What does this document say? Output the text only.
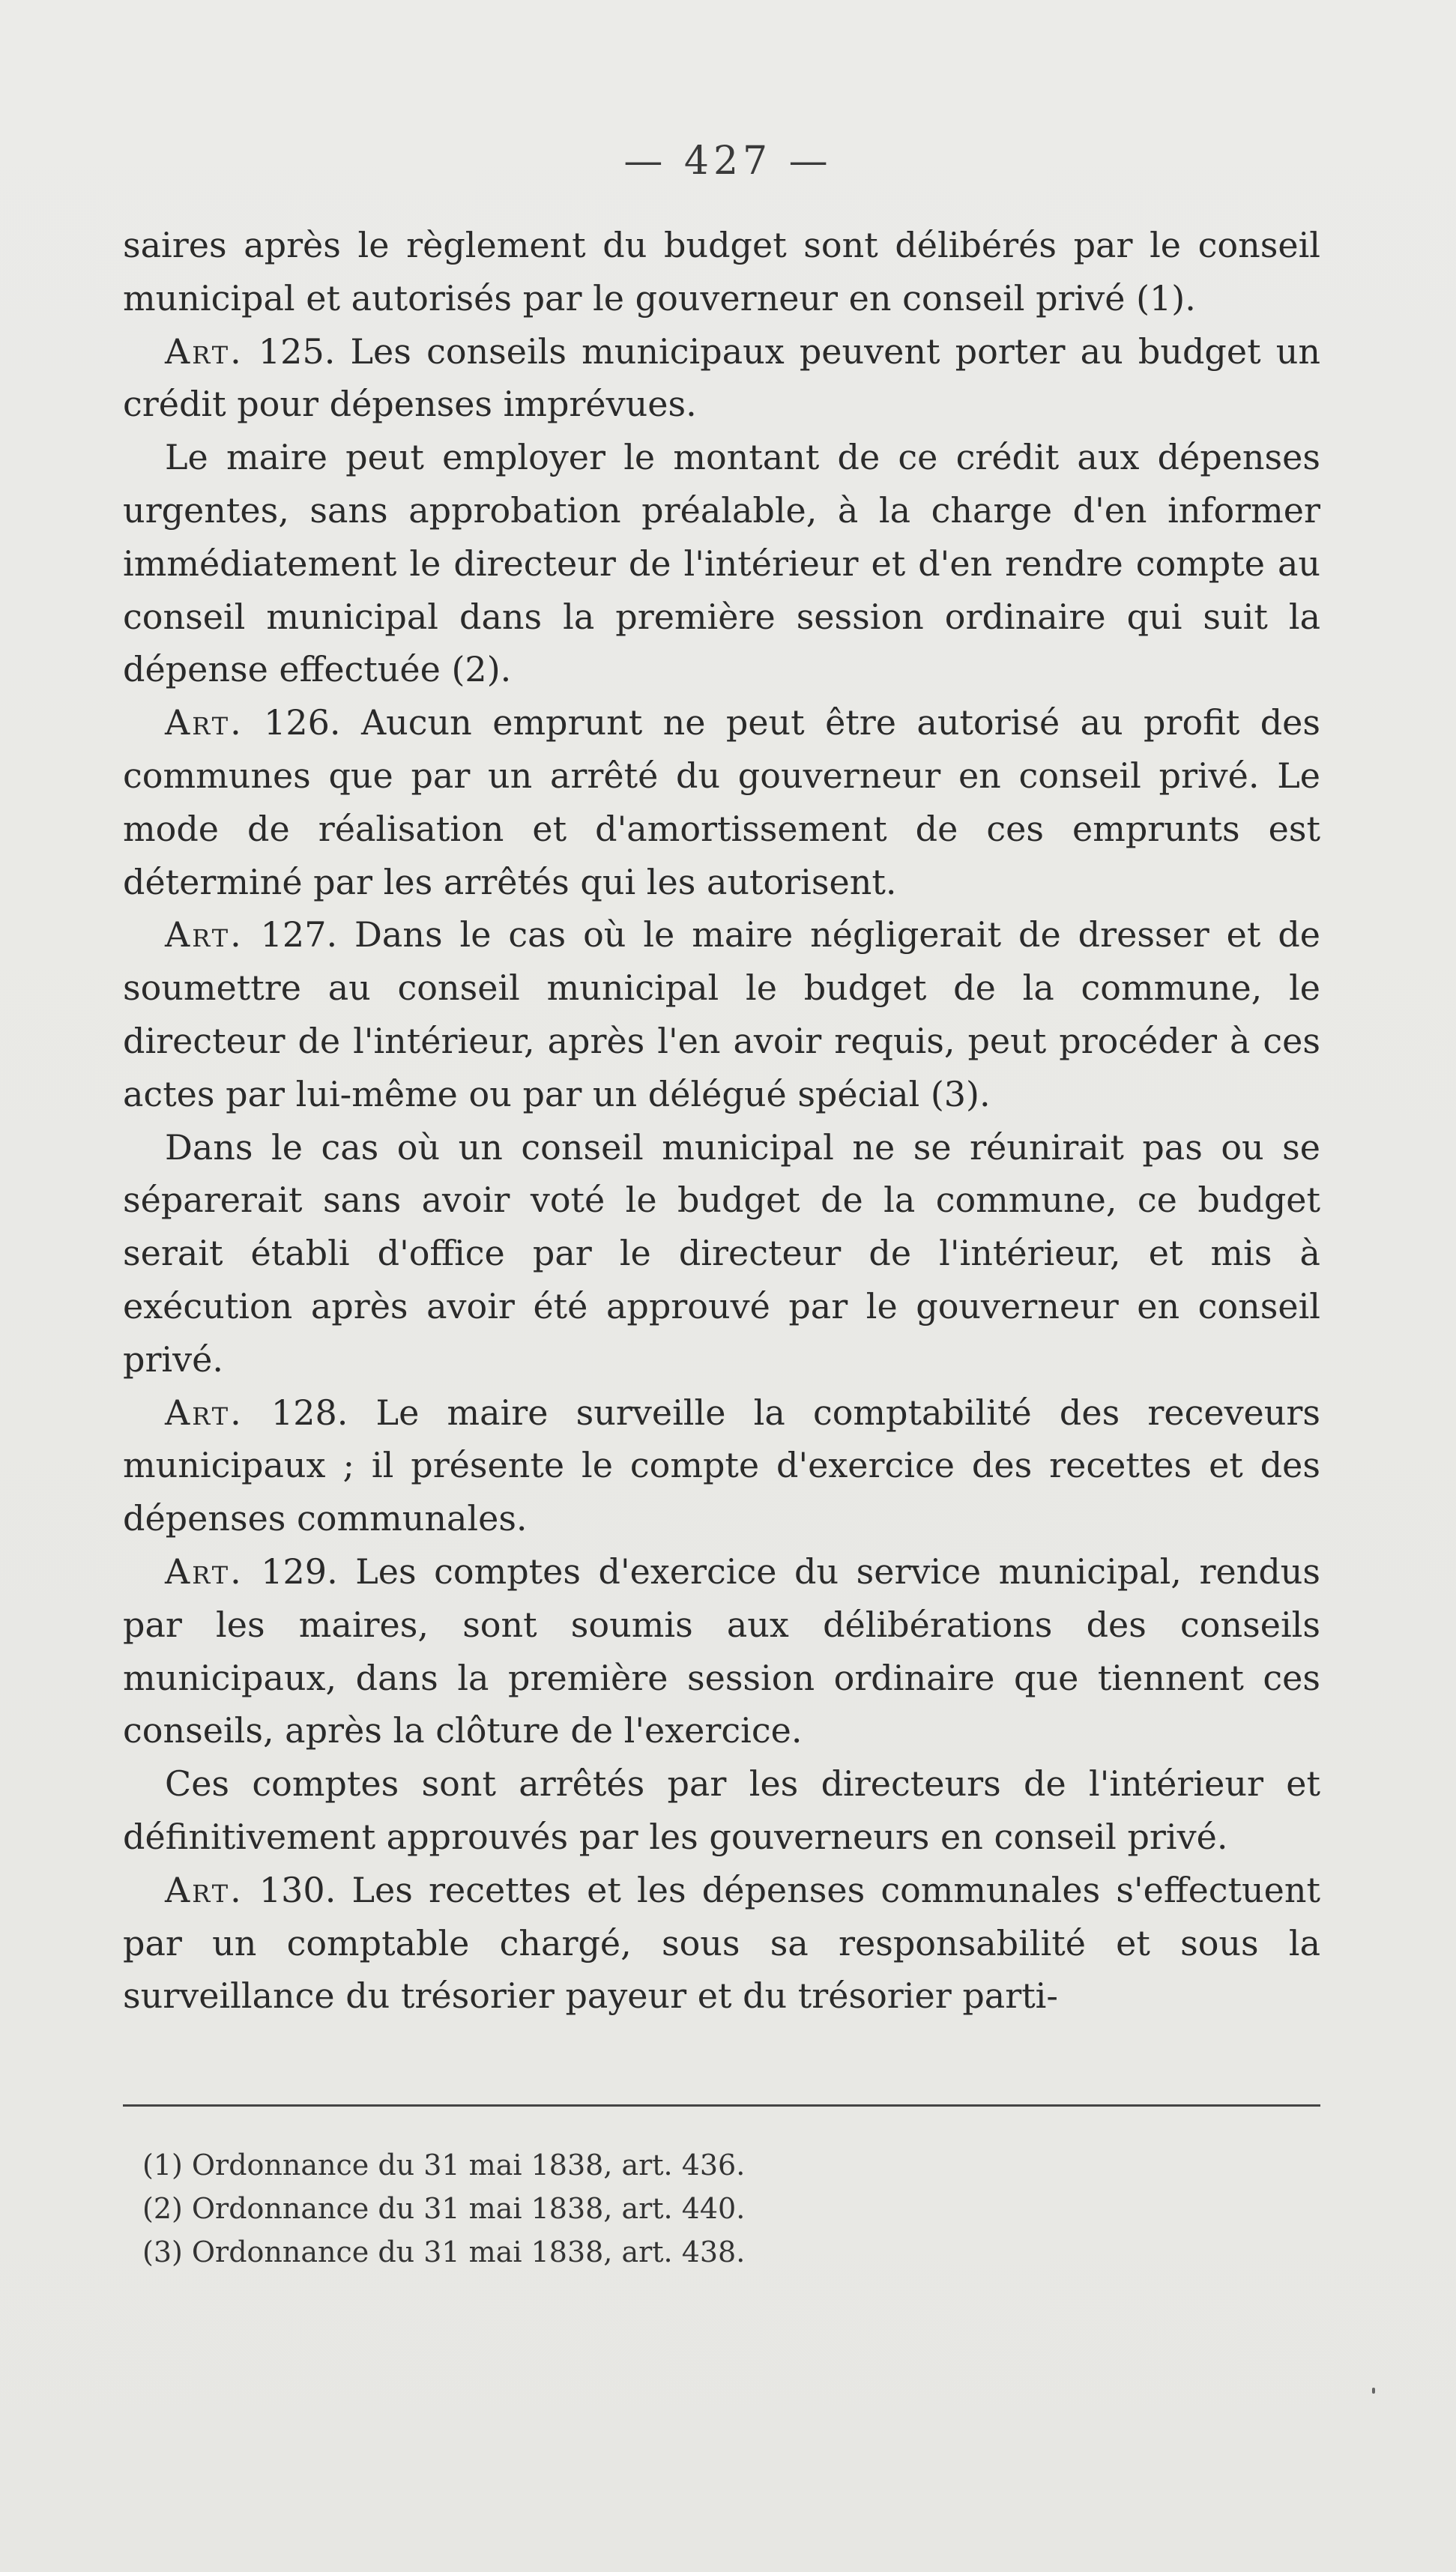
— 427 —

saires après le règlement du budget sont délibérés par le conseil municipal et autorisés par le gouverneur en conseil privé (1).

Art. 125. Les conseils municipaux peuvent porter au budget un crédit pour dépenses imprévues.

Le maire peut employer le montant de ce crédit aux dépenses urgentes, sans approbation préalable, à la charge d'en informer immédiatement le directeur de l'intérieur et d'en rendre compte au conseil municipal dans la première session ordinaire qui suit la dépense effectuée (2).

Art. 126. Aucun emprunt ne peut être autorisé au profit des communes que par un arrêté du gouverneur en conseil privé. Le mode de réalisation et d'amortissement de ces emprunts est déterminé par les arrêtés qui les autorisent.

Art. 127. Dans le cas où le maire négligerait de dresser et de soumettre au conseil municipal le budget de la commune, le directeur de l'intérieur, après l'en avoir requis, peut procéder à ces actes par lui-même ou par un délégué spécial (3).

Dans le cas où un conseil municipal ne se réunirait pas ou se séparerait sans avoir voté le budget de la commune, ce budget serait établi d'office par le directeur de l'intérieur, et mis à exécution après avoir été approuvé par le gouverneur en conseil privé.

Art. 128. Le maire surveille la comptabilité des receveurs municipaux ; il présente le compte d'exercice des recettes et des dépenses communales.

Art. 129. Les comptes d'exercice du service municipal, rendus par les maires, sont soumis aux délibérations des conseils municipaux, dans la première session ordinaire que tiennent ces conseils, après la clôture de l'exercice.

Ces comptes sont arrêtés par les directeurs de l'intérieur et définitivement approuvés par les gouverneurs en conseil privé.

Art. 130. Les recettes et les dépenses communales s'effectuent par un comptable chargé, sous sa responsabilité et sous la surveillance du trésorier payeur et du trésorier parti-

(1) Ordonnance du 31 mai 1838, art. 436.

(2) Ordonnance du 31 mai 1838, art. 440.

(3) Ordonnance du 31 mai 1838, art. 438.
